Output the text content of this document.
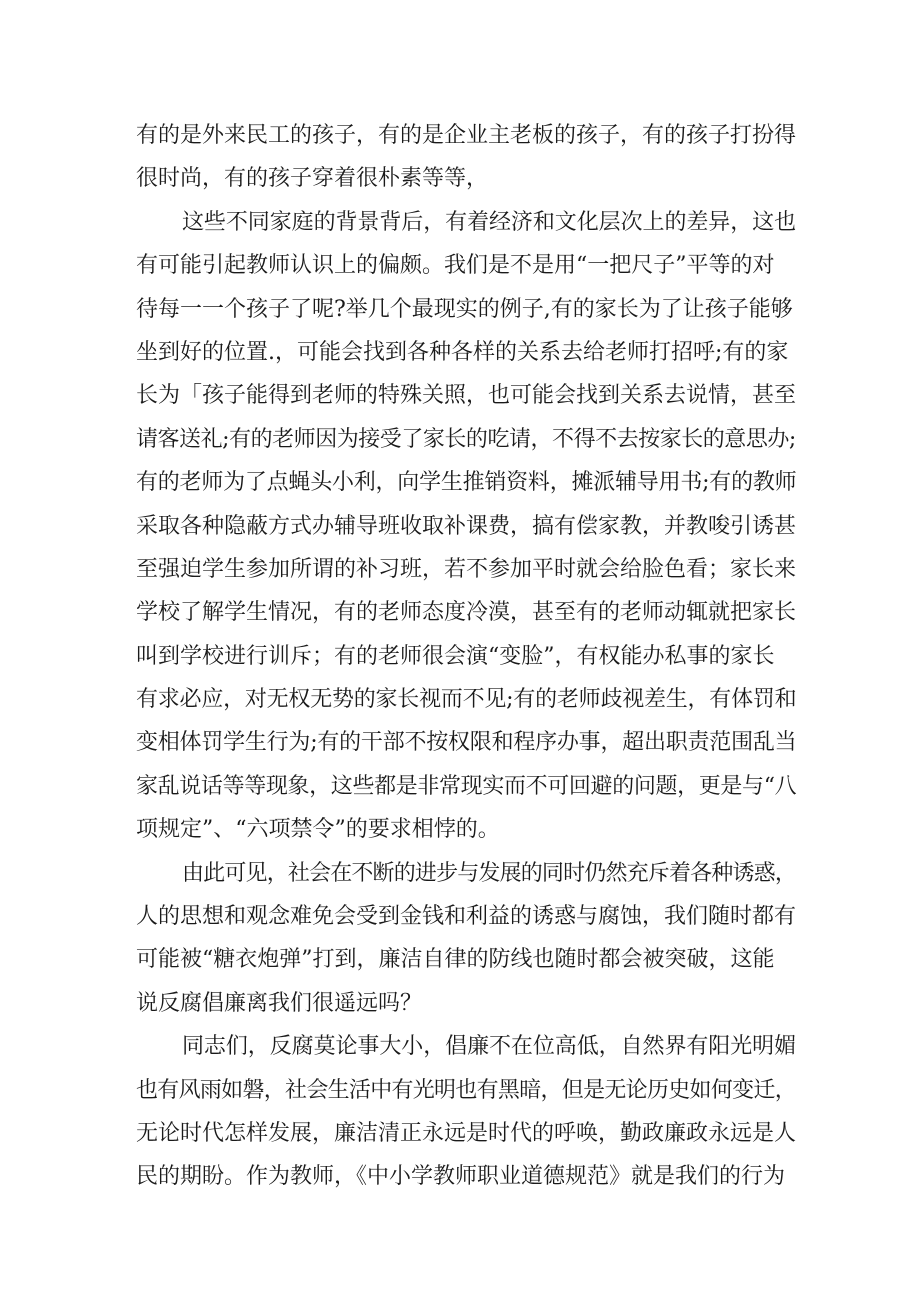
有的是外来民工的孩子，有的是企业主老板的孩子，有的孩子打扮得
很时尚，有的孩子穿着很朴素等等，
这些不同家庭的背景背后，有着经济和文化层次上的差异，这也
有可能引起教师认识上的偏颇。我们是不是用“一把尺子”平等的对
待每一一个孩子了呢?举几个最现实的例子,有的家长为了让孩子能够
坐到好的位置.，可能会找到各种各样的关系去给老师打招呼;有的家
长为「孩子能得到老师的特殊关照，也可能会找到关系去说情，甚至
请客送礼;有的老师因为接受了家长的吃请，不得不去按家长的意思办;
有的老师为了点蝇头小利，向学生推销资料，摊派辅导用书;有的教师
采取各种隐蔽方式办辅导班收取补课费，搞有偿家教，并教唆引诱甚
至强迫学生参加所谓的补习班，若不参加平时就会给脸色看；家长来
学校了解学生情况，有的老师态度冷漠，甚至有的老师动辄就把家长
叫到学校进行训斥；有的老师很会演“变脸”，有权能办私事的家长
有求必应，对无权无势的家长视而不见;有的老师歧视差生，有体罚和
变相体罚学生行为;有的干部不按权限和程序办事，超出职责范围乱当
家乱说话等等现象，这些都是非常现实而不可回避的问题，更是与“八
项规定”、“六项禁令”的要求相悖的。
由此可见，社会在不断的进步与发展的同时仍然充斥着各种诱惑，
人的思想和观念难免会受到金钱和利益的诱惑与腐蚀，我们随时都有
可能被“糖衣炮弹”打到，廉洁自律的防线也随时都会被突破，这能
说反腐倡廉离我们很遥远吗？
同志们，反腐莫论事大小，倡廉不在位高低，自然界有阳光明媚
也有风雨如磐，社会生活中有光明也有黑暗，但是无论历史如何变迁，
无论时代怎样发展，廉洁清正永远是时代的呼唤，勤政廉政永远是人
民的期盼。作为教师，《中小学教师职业道德规范》就是我们的行为
